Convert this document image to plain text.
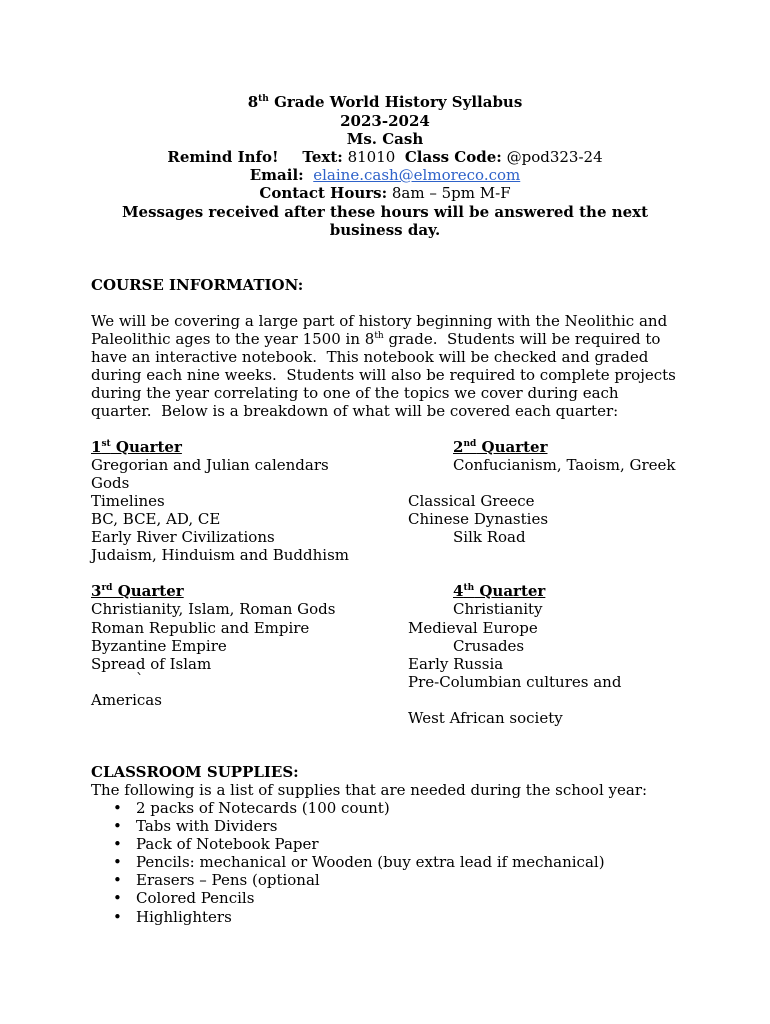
8th Grade World History Syllabus
2023-2024
Ms. Cash
Remind Info! Text: 81010 Class Code: @pod323-24
Email: elaine.cash@elmoreco.com
Contact Hours: 8am – 5pm M-F
Messages received after these hours will be answered the next
business day.
COURSE INFORMATION:
We will be covering a large part of history beginning with the Neolithic and
Paleolithic ages to the year 1500 in 8th grade.  Students will be required to
have an interactive notebook.  This notebook will be checked and graded
during each nine weeks.  Students will also be required to complete projects
during the year correlating to one of the topics we cover during each
quarter.  Below is a breakdown of what will be covered each quarter:
1st Quarter
Gregorian and Julian calendars
Gods
Timelines
BC, BCE, AD, CE
Early River Civilizations
Judaism, Hinduism and Buddhism
2nd Quarter
Confucianism, Taoism, Greek
Classical Greece
Chinese Dynasties
Silk Road
3rd Quarter
Christianity, Islam, Roman Gods
Roman Republic and Empire
Byzantine Empire
Spread of Islam
`
Americas
4th Quarter
Christianity
Medieval Europe
Crusades
Early Russia
Pre-Columbian cultures and
West African society
CLASSROOM SUPPLIES:
The following is a list of supplies that are needed during the school year:
• 2 packs of Notecards (100 count)
• Tabs with Dividers
• Pack of Notebook Paper
• Pencils: mechanical or Wooden (buy extra lead if mechanical)
• Erasers – Pens (optional
• Colored Pencils
• Highlighters
